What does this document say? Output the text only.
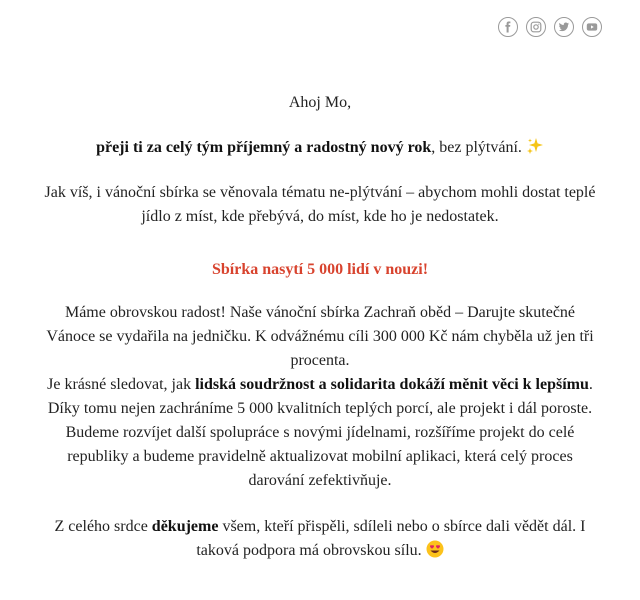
Ahoj Mo,

přeji ti za celý tým příjemný a radostný nový rok, bez plýtvání.

Jak víš, i vánoční sbírka se věnovala tématu ne-plýtvání – abychom mohli dostat teplé jídlo z míst, kde přebývá, do míst, kde ho je nedostatek.

Sbírka nasytí 5 000 lidí v nouzi!

Máme obrovskou radost! Naše vánoční sbírka Zachraň oběd – Darujte skutečné Vánoce se vydařila na jedničku. K odvážnému cíli 300 000 Kč nám chyběla už jen tři procenta.
Je krásné sledovat, jak lidská soudržnost a solidarita dokáží měnit věci k lepšímu. Díky tomu nejen zachráníme 5 000 kvalitních teplých porcí, ale projekt i dál poroste. Budeme rozvíjet další spolupráce s novými jídelnami, rozšíříme projekt do celé republiky a budeme pravidelně aktualizovat mobilní aplikaci, která celý proces darování zefektivňuje.

Z celého srdce děkujeme všem, kteří přispěli, sdíleli nebo o sbírce dali vědět dál. I taková podpora má obrovskou sílu.
